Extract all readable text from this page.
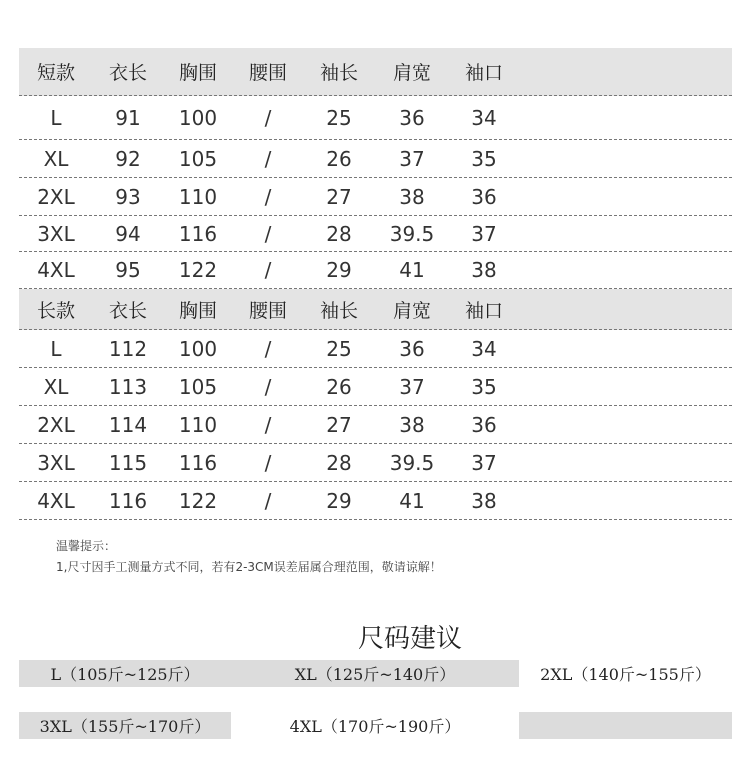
短款	衣长	胸围	腰围	袖长	肩宽	袖口
L	91	100	/	25	36	34
XL	92	105	/	26	37	35
2XL	93	110	/	27	38	36
3XL	94	116	/	28	39.5	37
4XL	95	122	/	29	41	38
长款	衣长	胸围	腰围	袖长	肩宽	袖口
L	112	100	/	25	36	34
XL	113	105	/	26	37	35
2XL	114	110	/	27	38	36
3XL	115	116	/	28	39.5	37
4XL	116	122	/	29	41	38
温馨提示：
1,尺寸因手工测量方式不同，若有2-3CM误差届属合理范围，敬请谅解！
尺码建议
L（105斤~125斤）	XL（125斤~140斤）	2XL（140斤~155斤）
3XL（155斤~170斤）	4XL（170斤~190斤）
